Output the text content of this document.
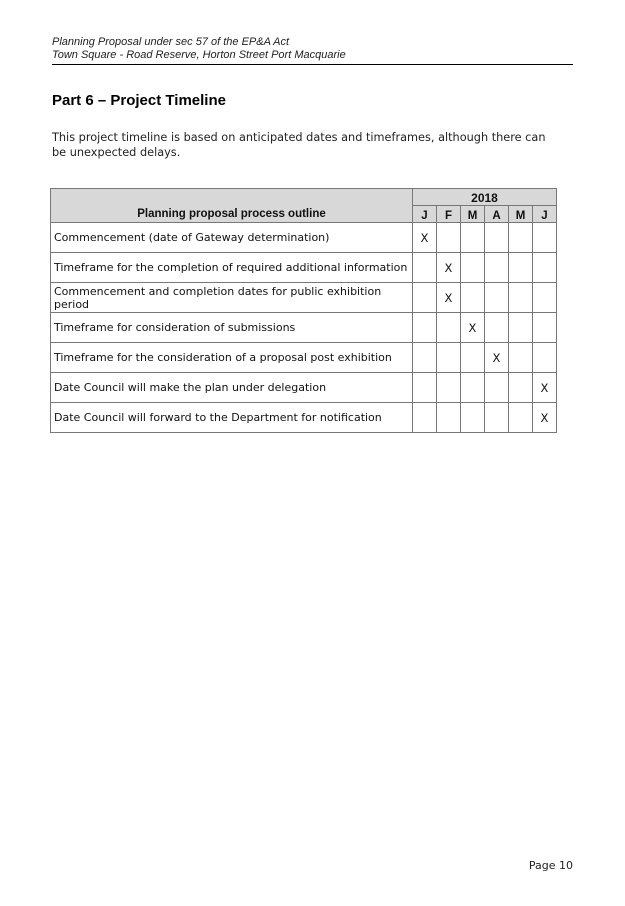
Planning Proposal under sec 57 of the EP&A Act
Town Square - Road Reserve, Horton Street Port Macquarie
Part 6 – Project Timeline
This project timeline is based on anticipated dates and timeframes, although there can be unexpected delays.
Planning proposal process outline	2018					
	J	F	M	A	M	J
Commencement (date of Gateway determination)	X					
Timeframe for the completion of required additional information		X				
Commencement and completion dates for public exhibition period		X				
Timeframe for consideration of submissions			X			
Timeframe for the consideration of a proposal post exhibition				X		
Date Council will make the plan under delegation						X
Date Council will forward to the Department for notification						X
Page 10
